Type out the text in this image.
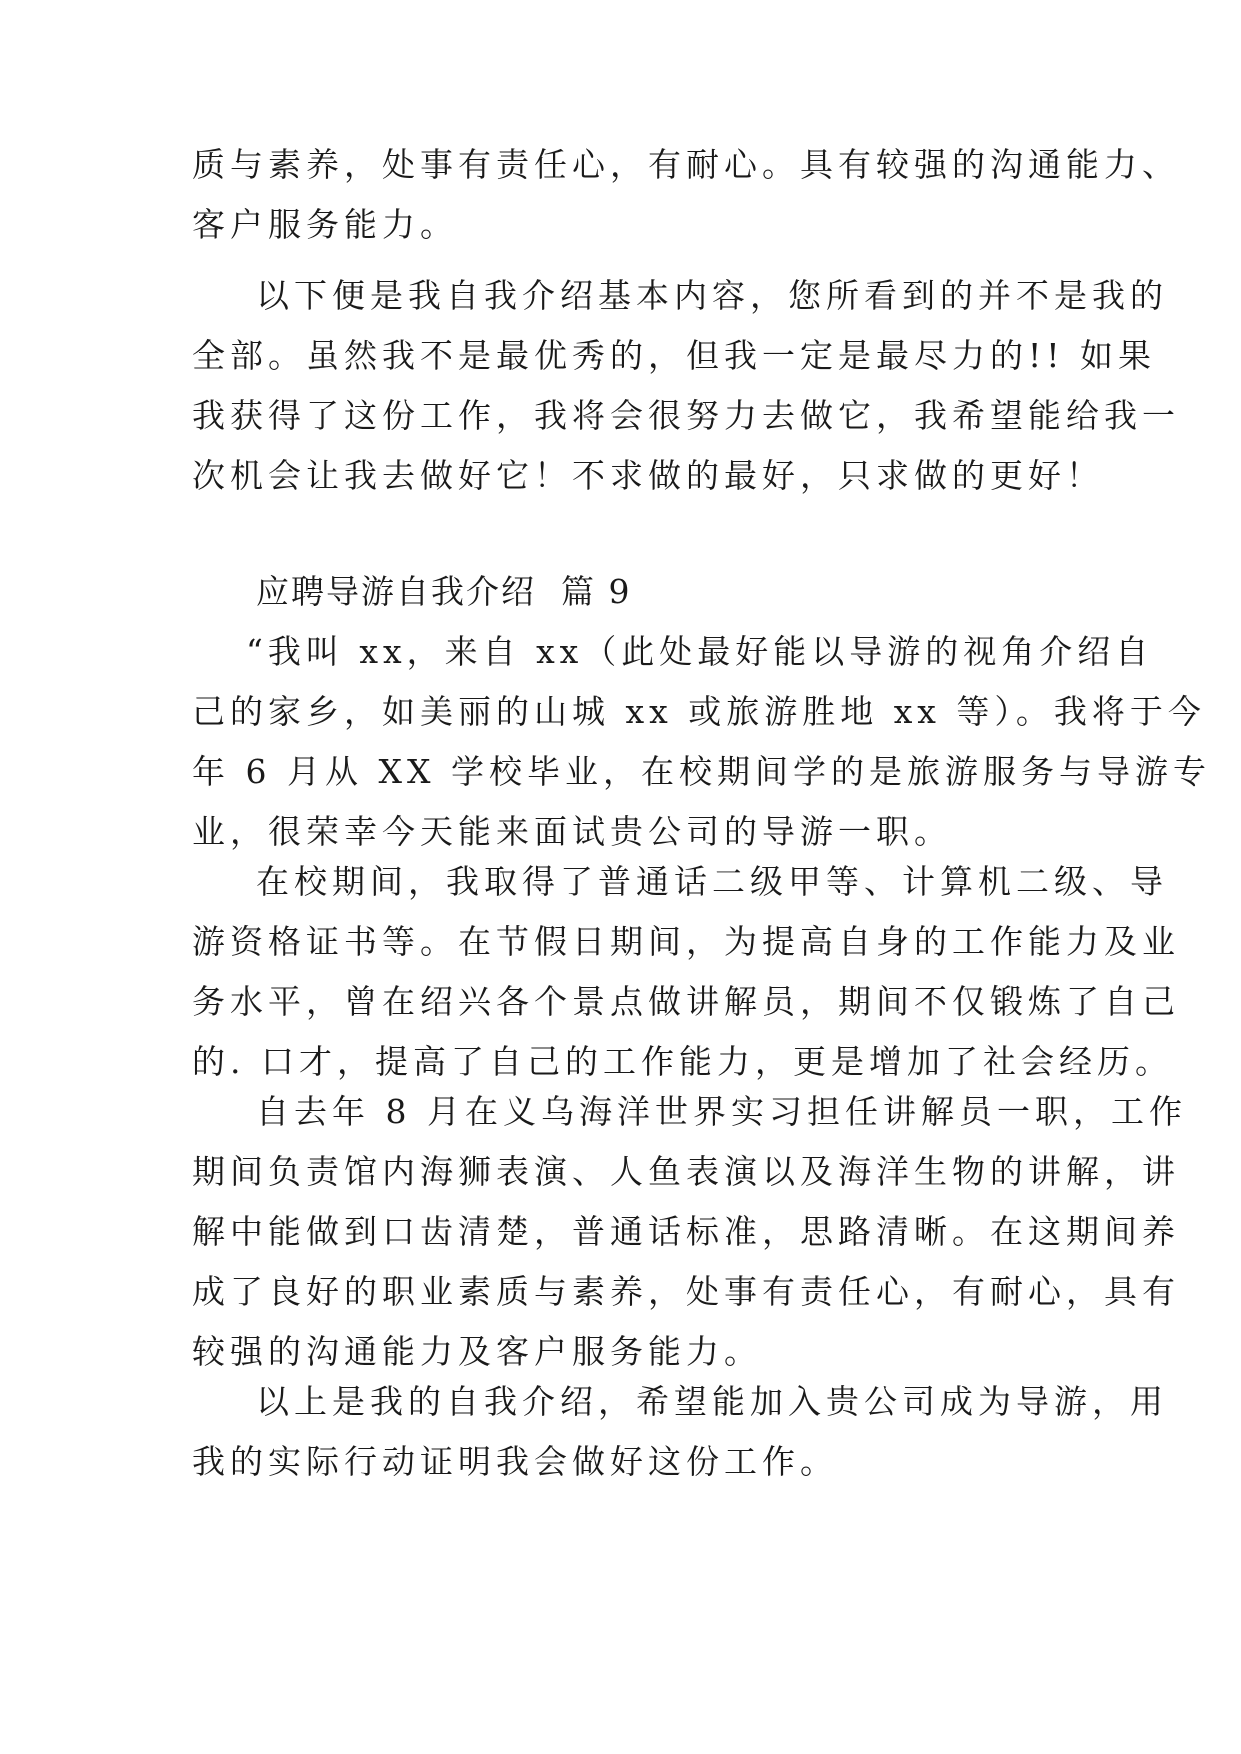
质与素养，处事有责任心，有耐心。具有较强的沟通能力、
客户服务能力。
以下便是我自我介绍基本内容，您所看到的并不是我的
全部。虽然我不是最优秀的，但我一定是最尽力的!! 如果
我获得了这份工作，我将会很努力去做它，我希望能给我一
次机会让我去做好它！不求做的最好，只求做的更好！
应聘导游自我介绍  篇 9
“我叫 xx，来自 xx（此处最好能以导游的视角介绍自
己的家乡，如美丽的山城 xx 或旅游胜地 xx 等）。我将于今
年 6 月从 XX 学校毕业，在校期间学的是旅游服务与导游专
业，很荣幸今天能来面试贵公司的导游一职。
在校期间，我取得了普通话二级甲等、计算机二级、导
游资格证书等。在节假日期间，为提高自身的工作能力及业
务水平，曾在绍兴各个景点做讲解员，期间不仅锻炼了自己
的. 口才，提高了自己的工作能力，更是增加了社会经历。
自去年 8 月在义乌海洋世界实习担任讲解员一职，工作
期间负责馆内海狮表演、人鱼表演以及海洋生物的讲解，讲
解中能做到口齿清楚，普通话标准，思路清晰。在这期间养
成了良好的职业素质与素养，处事有责任心，有耐心，具有
较强的沟通能力及客户服务能力。
以上是我的自我介绍，希望能加入贵公司成为导游，用
我的实际行动证明我会做好这份工作。
